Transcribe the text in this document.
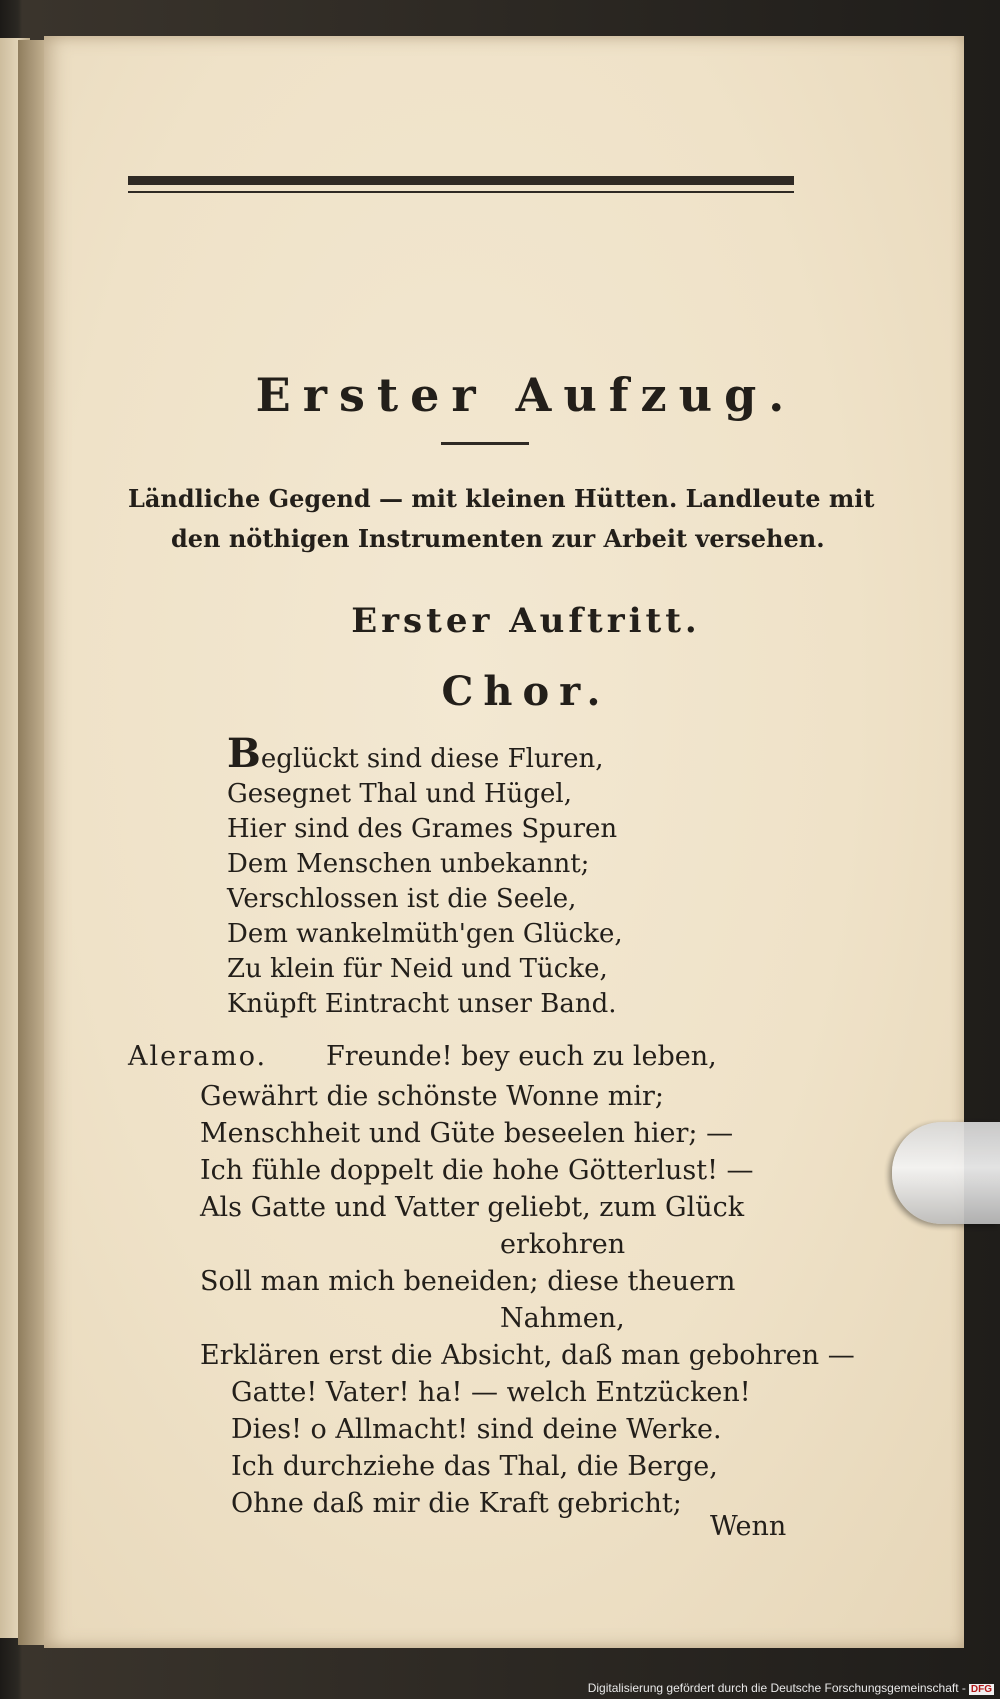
Erster Aufzug.
Ländliche Gegend — mit kleinen Hütten. Landleute mit
den nöthigen Instrumenten zur Arbeit versehen.
Erster Auftritt.
Chor.
Beglückt sind diese Fluren,
Gesegnet Thal und Hügel,
Hier sind des Grames Spuren
Dem Menschen unbekannt;
Verschlossen ist die Seele,
Dem wankelmüth'gen Glücke,
Zu klein für Neid und Tücke,
Knüpft Eintracht unser Band.
Aleramo. Freunde! bey euch zu leben,
Gewährt die schönste Wonne mir;
Menschheit und Güte beseelen hier; —
Ich fühle doppelt die hohe Götterlust! —
Als Gatte und Vatter geliebt, zum Glück
erkohren
Soll man mich beneiden; diese theuern
Nahmen,
Erklären erst die Absicht, daß man gebohren —
Gatte! Vater! ha! — welch Entzücken!
Dies! o Allmacht! sind deine Werke.
Ich durchziehe das Thal, die Berge,
Ohne daß mir die Kraft gebricht;
Wenn
Digitalisierung gefördert durch die Deutsche Forschungsgemeinschaft - DFG
